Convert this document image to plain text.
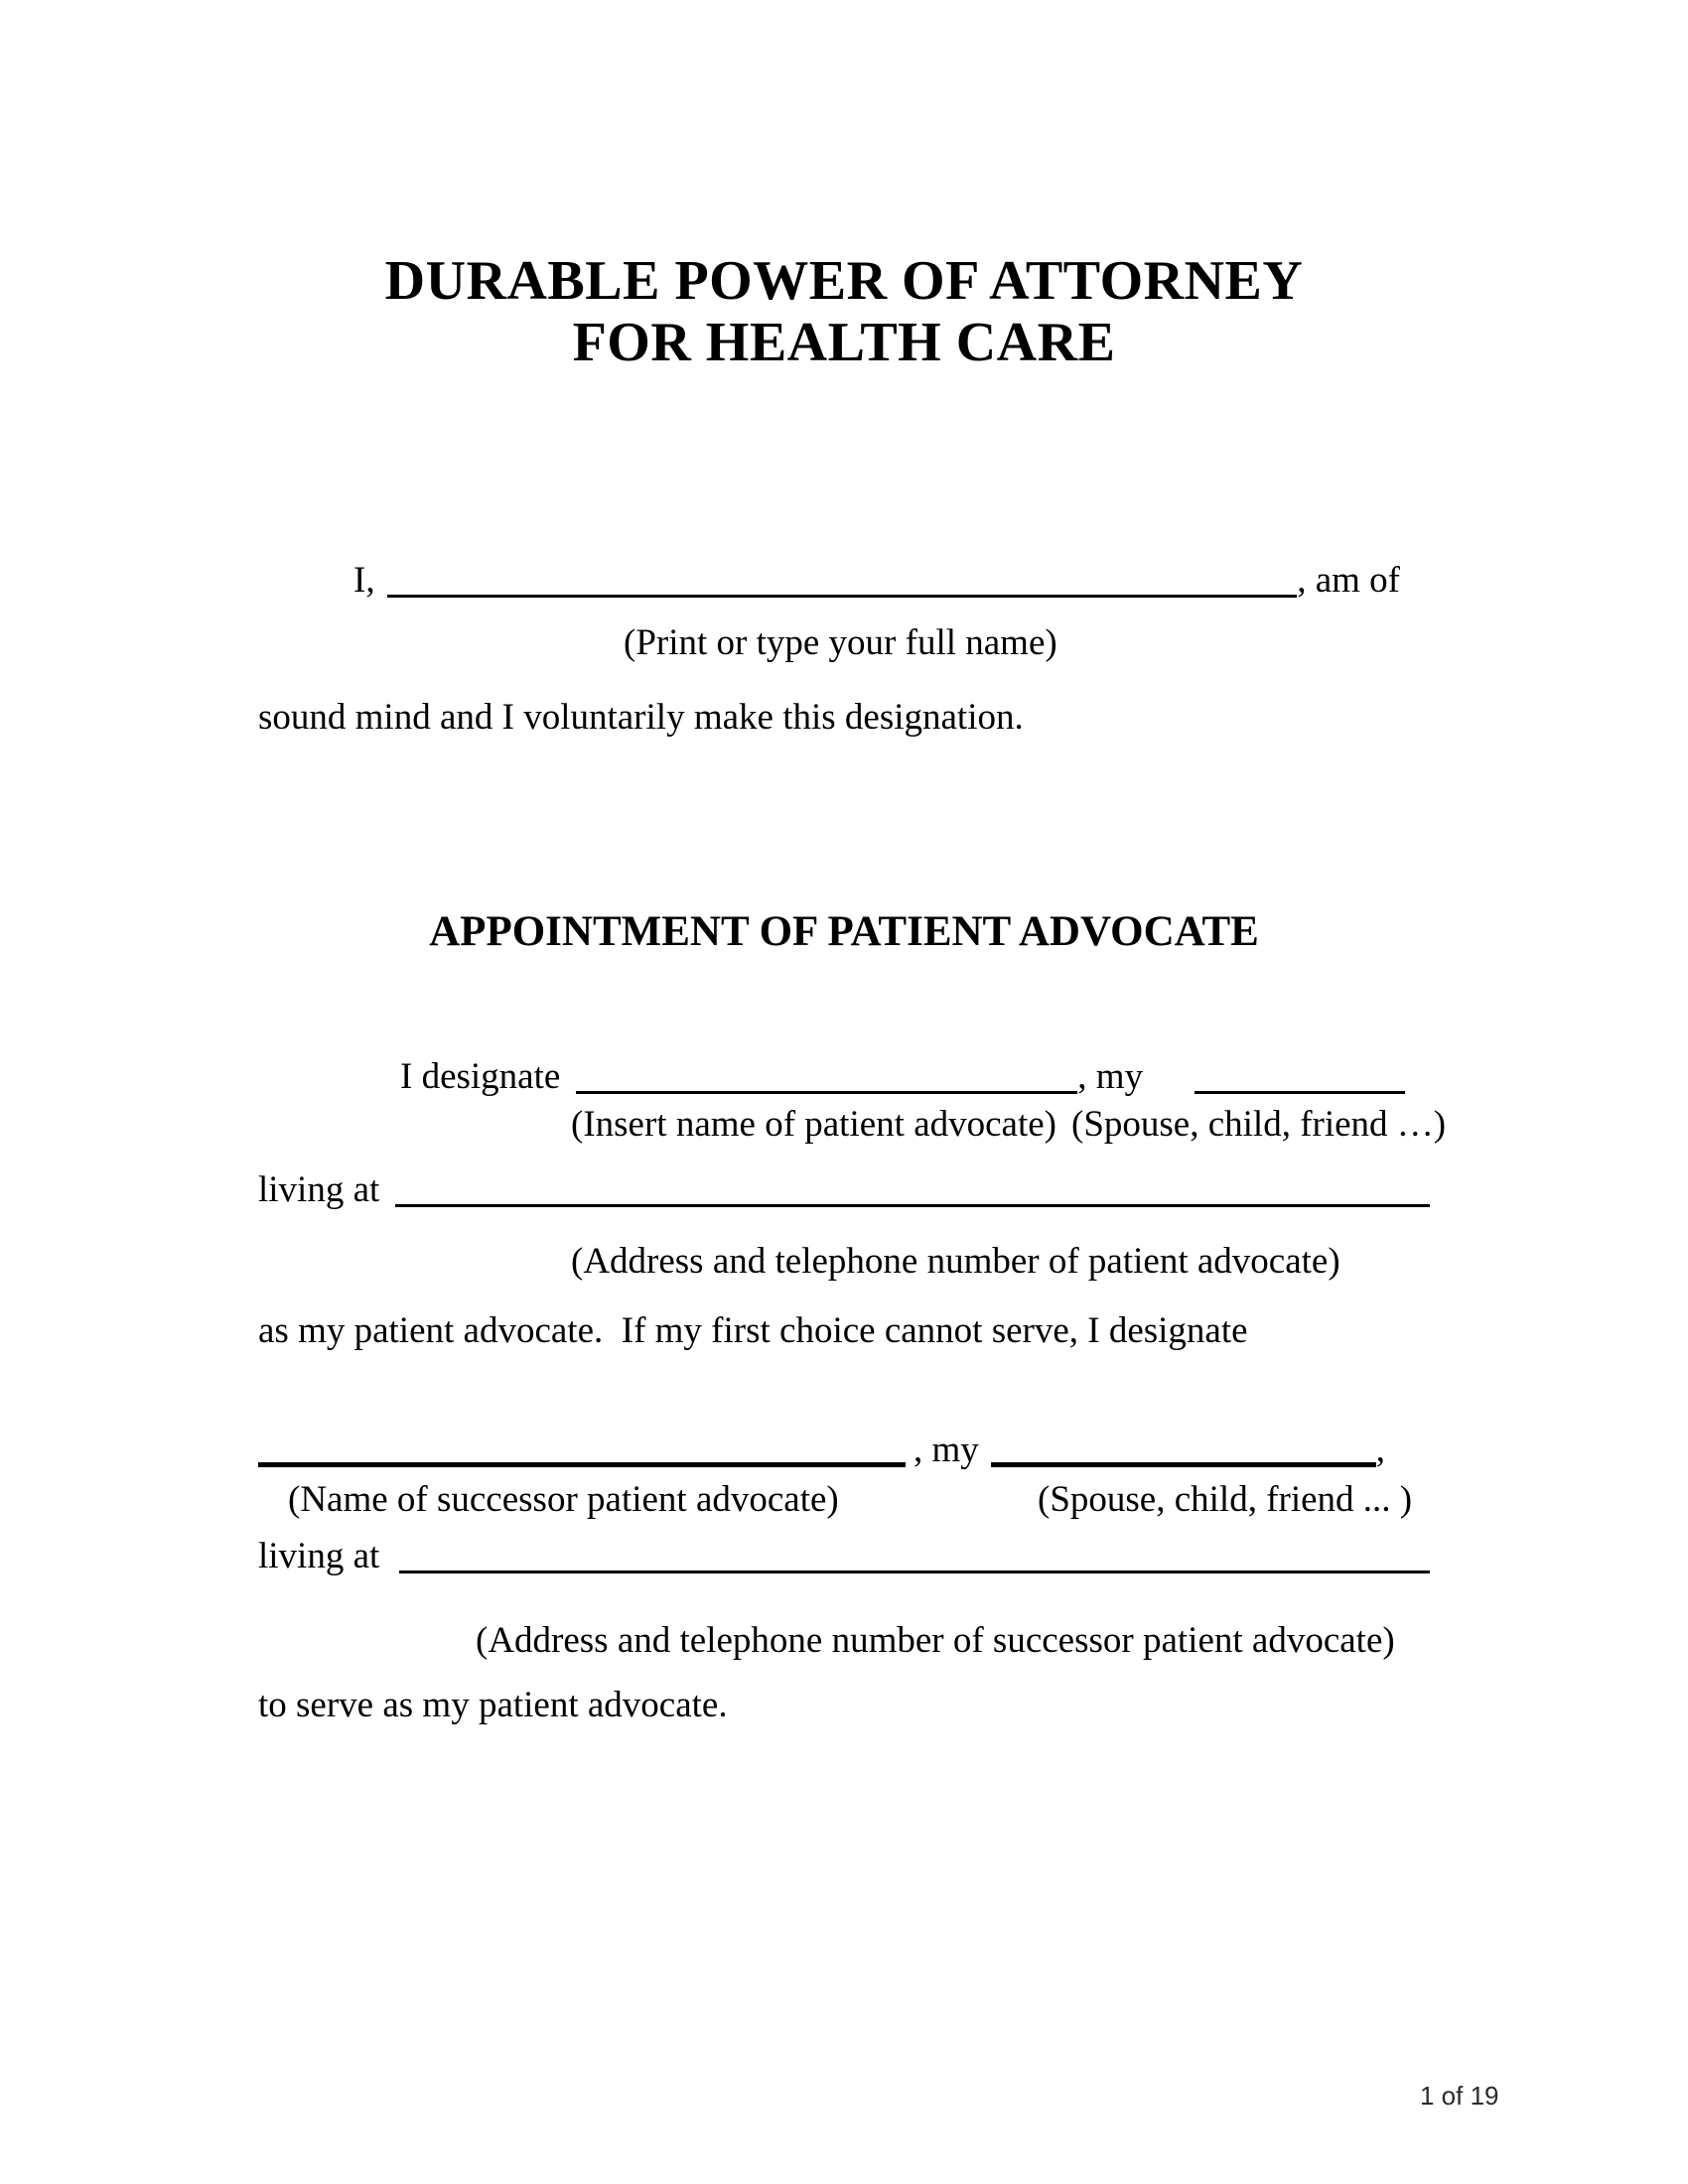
DURABLE POWER OF ATTORNEY
FOR HEALTH CARE
I,	, am of
(Print or type your full name)
sound mind and I voluntarily make this designation.
APPOINTMENT OF PATIENT ADVOCATE
I designate	, my
(Insert name of patient advocate) (Spouse, child, friend …)
living at
(Address and telephone number of patient advocate)
as my patient advocate.  If my first choice cannot serve, I designate
, my	,
(Name of successor patient advocate)	(Spouse, child, friend ... )
living at
(Address and telephone number of successor patient advocate)
to serve as my patient advocate.
1 of 19
